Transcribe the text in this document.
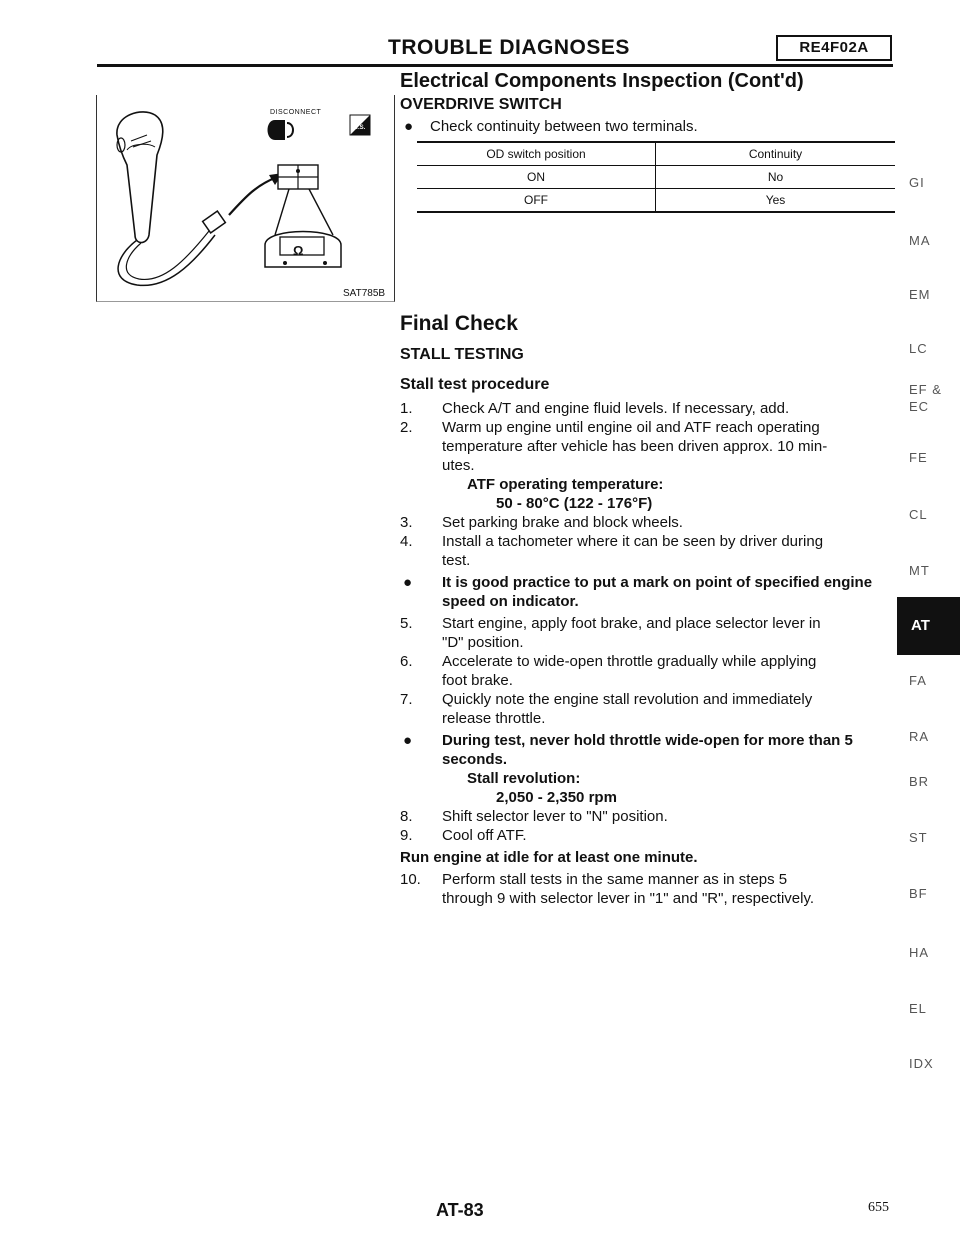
TROUBLE DIAGNOSES	RE4F02A
Electrical Components Inspection (Cont'd)
OVERDRIVE SWITCH
● Check continuity between two terminals.
Ω
T.S.
DISCONNECT
SAT785B
OD switch position	Continuity
ON	No
OFF	Yes
Final Check
STALL TESTING
Stall test procedure
1. Check A/T and engine fluid levels. If necessary, add.
2. Warm up engine until engine oil and ATF reach operating
temperature after vehicle has been driven approx. 10 min-
utes.
ATF operating temperature:
50 - 80°C (122 - 176°F)
3. Set parking brake and block wheels.
4. Install a tachometer where it can be seen by driver during
test.
● It is good practice to put a mark on point of specified engine
speed on indicator.
5. Start engine, apply foot brake, and place selector lever in
"D" position.
6. Accelerate to wide-open throttle gradually while applying
foot brake.
7. Quickly note the engine stall revolution and immediately
release throttle.
● During test, never hold throttle wide-open for more than 5
seconds.
Stall revolution:
2,050 - 2,350 rpm
8. Shift selector lever to "N" position.
9. Cool off ATF.
Run engine at idle for at least one minute.
10. Perform stall tests in the same manner as in steps 5
through 9 with selector lever in "1" and "R", respectively.
GI
MA
EM
LC
EF &
EC
FE
CL
MT
AT
FA
RA
BR
ST
BF
HA
EL
IDX
AT-83	655
